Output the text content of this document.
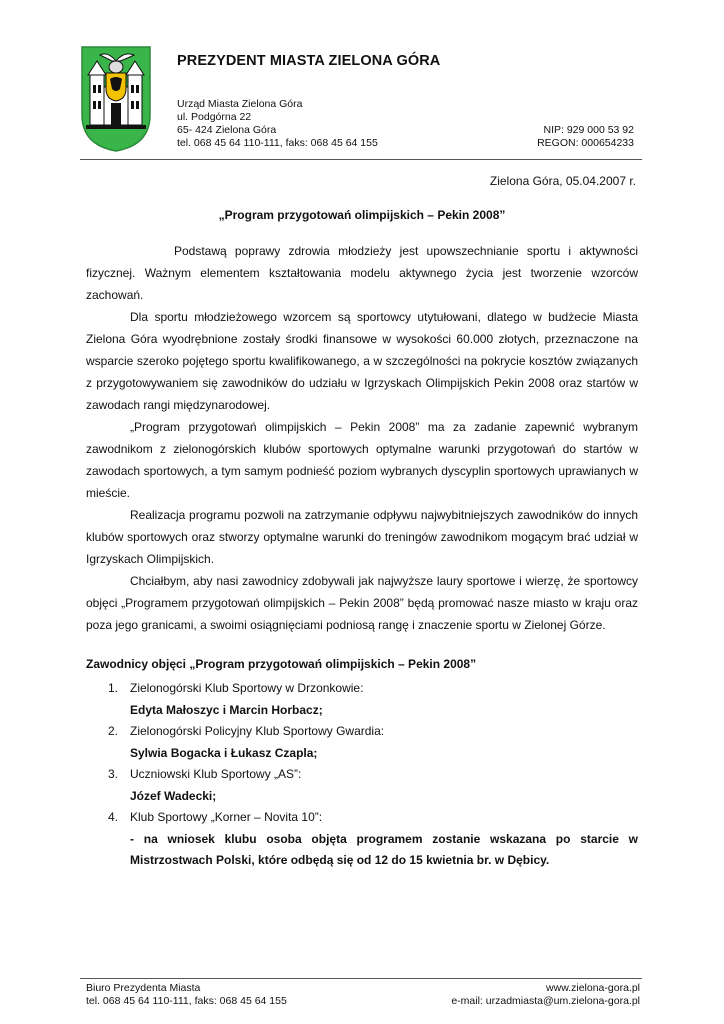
PREZYDENT MIASTA ZIELONA GÓRA
Urząd Miasta Zielona Góra
ul. Podgórna 22
65- 424 Zielona Góra
tel. 068 45 64 110-111, faks: 068 45 64 155
NIP: 929 000 53 92
REGON: 000654233
Zielona Góra, 05.04.2007 r.
„Program przygotowań olimpijskich – Pekin 2008”

Podstawą poprawy zdrowia młodzieży jest upowszechnianie sportu i aktywności fizycznej. Ważnym elementem kształtowania modelu aktywnego życia jest tworzenie wzorców zachowań.

Dla sportu młodzieżowego wzorcem są sportowcy utytułowani, dlatego w budżecie Miasta Zielona Góra wyodrębnione zostały środki finansowe w wysokości 60.000 złotych, przeznaczone na wsparcie szeroko pojętego sportu kwalifikowanego, a w szczególności na pokrycie kosztów związanych z przygotowywaniem się zawodników do udziału w Igrzyskach Olimpijskich Pekin 2008 oraz startów w zawodach rangi międzynarodowej.

„Program przygotowań olimpijskich – Pekin 2008” ma za zadanie zapewnić wybranym zawodnikom z zielonogórskich klubów sportowych optymalne warunki przygotowań do startów w zawodach sportowych, a tym samym podnieść poziom wybranych dyscyplin sportowych uprawianych w mieście.

Realizacja programu pozwoli na zatrzymanie odpływu najwybitniejszych zawodników do innych klubów sportowych oraz stworzy optymalne warunki do treningów zawodnikom mogącym brać udział w Igrzyskach Olimpijskich.

Chciałbym, aby nasi zawodnicy zdobywali jak najwyższe laury sportowe i wierzę, że sportowcy objęci „Programem przygotowań olimpijskich – Pekin 2008” będą promować nasze miasto w kraju oraz poza jego granicami, a swoimi osiągnięciami podniosą rangę i znaczenie sportu w Zielonej Górze.

Zawodnicy objęci „Program przygotowań olimpijskich – Pekin 2008”
1.	Zielonogórski Klub Sportowy w Drzonkowie:
Edyta Małoszyc i Marcin Horbacz;
2.	Zielonogórski Policyjny Klub Sportowy Gwardia:
Sylwia Bogacka i Łukasz Czapla;
3.	Uczniowski Klub Sportowy „AS”:
Józef Wadecki;
4.	Klub Sportowy „Korner – Novita 10”:
- na wniosek klubu osoba objęta programem zostanie wskazana po starcie w Mistrzostwach Polski, które odbędą się od 12 do 15 kwietnia br. w Dębicy.
Biuro Prezydenta Miasta
tel. 068 45 64 110-111, faks: 068 45 64 155
www.zielona-gora.pl
e-mail: urzadmiasta@um.zielona-gora.pl
